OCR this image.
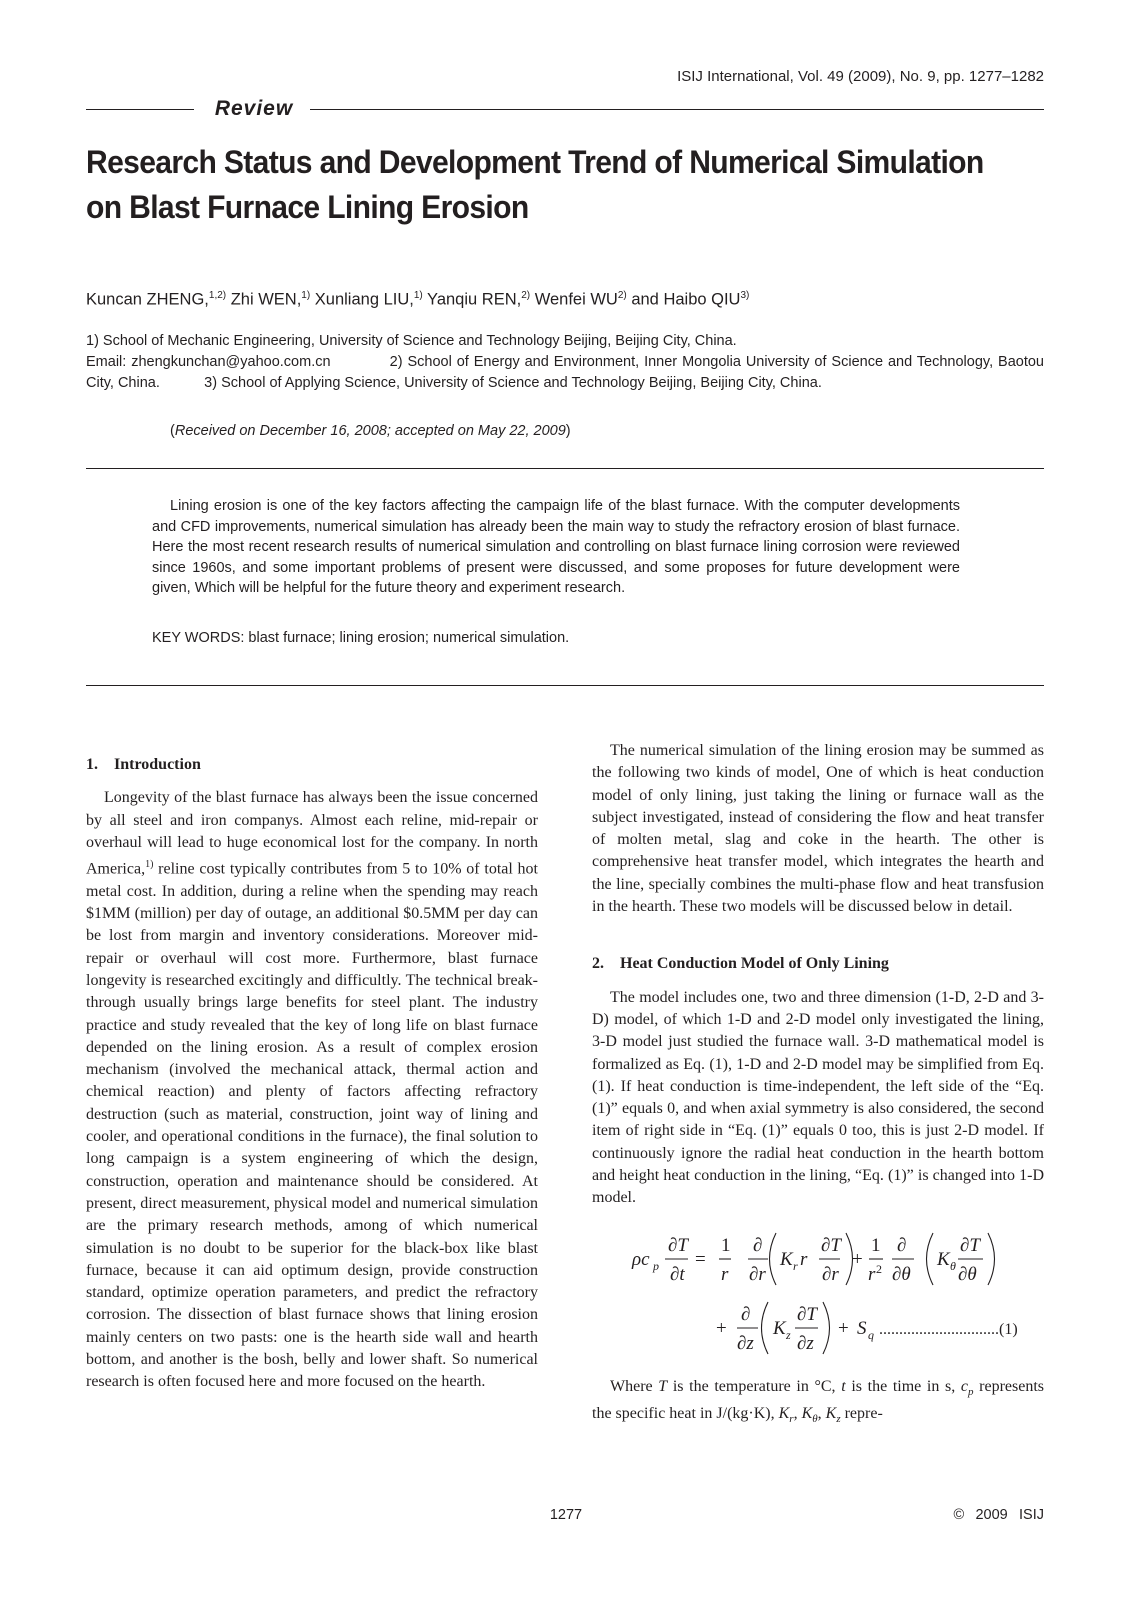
ISIJ International, Vol. 49 (2009), No. 9, pp. 1277–1282
Review
Research Status and Development Trend of Numerical Simulation
on Blast Furnace Lining Erosion
Kuncan ZHENG,$^{1,2)}$ Zhi WEN,$^{1)}$ Xunliang LIU,$^{1)}$ Yanqiu REN,$^{2)}$ Wenfei WU$^{2)}$ and Haibo QIU$^{3)}$

1) School of Mechanic Engineering, University of Science and Technology Beijing, Beijing City, China.

Email: zhengkunchan@yahoo.com.cn            2) School of Energy and Environment, Inner Mongolia University of Science and Technology, Baotou City, China.           3) School of Applying Science, University of Science and Technology Beijing, Beijing City, China.

(Received on December 16, 2008; accepted on May 22, 2009)

Lining erosion is one of the key factors affecting the campaign life of the blast furnace. With the computer developments and CFD improvements, numerical simulation has already been the main way to study the refractory erosion of blast furnace. Here the most recent research results of numerical simulation and controlling on blast furnace lining corrosion were reviewed since 1960s, and some important problems of present were discussed, and some proposes for future development were given, Which will be helpful for the future theory and experiment research.

KEY WORDS: blast furnace; lining erosion; numerical simulation.
1. Introduction

Longevity of the blast furnace has always been the issue concerned by all steel and iron companys. Almost each reline, mid-repair or overhaul will lead to huge economical lost for the company. In north America,$^{1)}$ reline cost typically contributes from 5 to 10% of total hot metal cost. In addition, during a reline when the spending may reach $1MM (million) per day of outage, an additional $0.5MM per day can be lost from margin and inventory considerations. Moreover mid-repair or overhaul will cost more. Furthermore, blast furnace longevity is researched excitingly and difficultly. The technical break-through usually brings large benefits for steel plant. The industry practice and study revealed that the key of long life on blast furnace depended on the lining erosion. As a result of complex erosion mechanism (involved the mechanical attack, thermal action and chemical reaction) and plenty of factors affecting refractory destruction (such as material, construction, joint way of lining and cooler, and operational conditions in the furnace), the final solution to long campaign is a system engineering of which the design, construction, operation and maintenance should be considered. At present, direct measurement, physical model and numerical simulation are the primary research methods, among of which numerical simulation is no doubt to be superior for the black-box like blast furnace, because it can aid optimum design, provide construction standard, optimize operation parameters, and predict the refractory corrosion. The dissection of blast furnace shows that lining erosion mainly centers on two pasts: one is the hearth side wall and hearth bottom, and another is the bosh, belly and lower shaft. So numerical research is often focused here and more focused on the hearth.

The numerical simulation of the lining erosion may be summed as the following two kinds of model, One of which is heat conduction model of only lining, just taking the lining or furnace wall as the subject investigated, instead of considering the flow and heat transfer of molten metal, slag and coke in the hearth. The other is comprehensive heat transfer model, which integrates the hearth and the line, specially combines the multi-phase flow and heat transfusion in the hearth. These two models will be discussed below in detail.

2. Heat Conduction Model of Only Lining

The model includes one, two and three dimension (1-D, 2-D and 3-D) model, of which 1-D and 2-D model only investigated the lining, 3-D model just studied the furnace wall. 3-D mathematical model is formalized as Eq. (1), 1-D and 2-D model may be simplified from Eq. (1). If heat conduction is time-independent, the left side of the “Eq. (1)” equals 0, and when axial symmetry is also considered, the second item of right side in “Eq. (1)” equals 0 too, this is just 2-D model. If continuously ignore the radial heat conduction in the hearth bottom and height heat conduction in the lining, “Eq. (1)” is changed into 1-D model.

ρc p
∂T
∂t
=
1
r
∂
∂r
K r r
∂T
∂r
+
1
r 2
∂
∂θ
K θ
∂T
∂θ
+
∂
∂z
K z
∂T
∂z
+ S q ..............................(1)

Where T is the temperature in °C, t is the time in s, $c_p$ represents the specific heat in J/(kg·K), $K_r$, $K_\theta$, $K_z$ repre-

1277	©  2009  ISIJ
